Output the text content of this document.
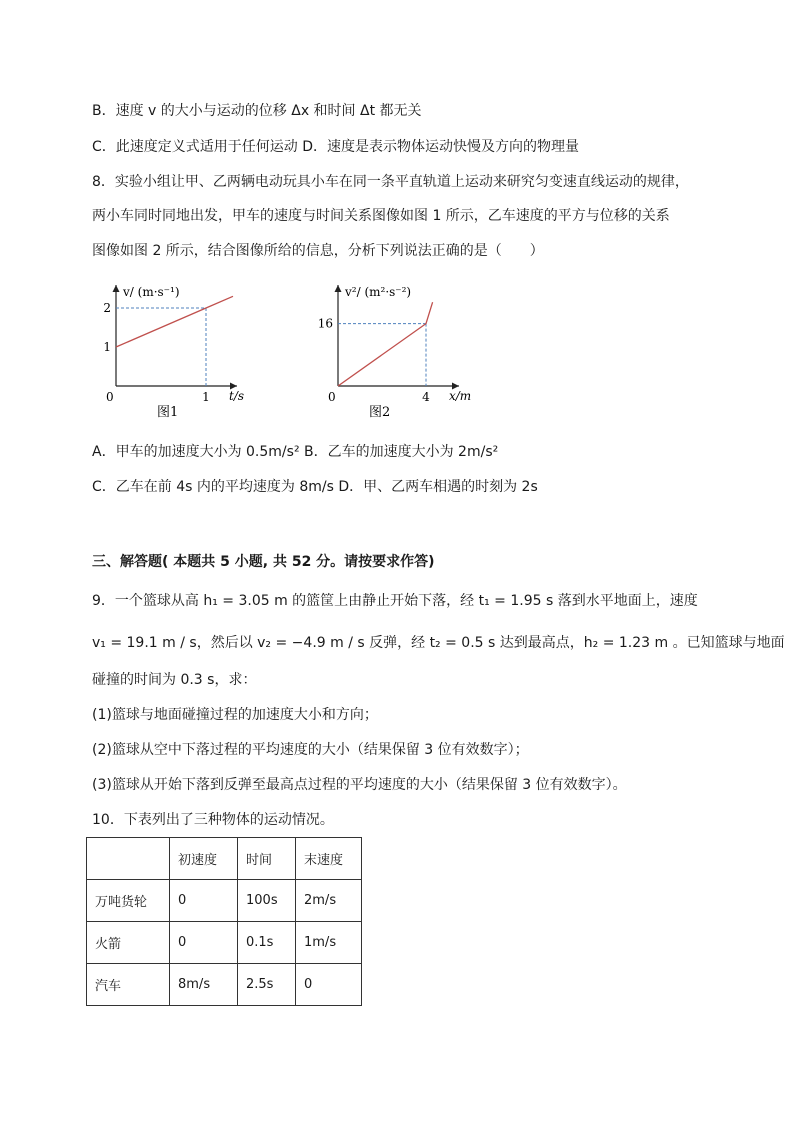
B．速度 v 的大小与运动的位移 Δx 和时间 Δt 都无关
C．此速度定义式适用于任何运动 D．速度是表示物体运动快慢及方向的物理量
8．实验小组让甲、乙两辆电动玩具小车在同一条平直轨道上运动来研究匀变速直线运动的规律，
两小车同时同地出发，甲车的速度与时间关系图像如图 1 所示，乙车速度的平方与位移的关系
图像如图 2 所示，结合图像所给的信息，分析下列说法正确的是（　　）
v/ (m·s⁻¹)
t/s
0	1
1
2
图1
v²/ (m²·s⁻²)
x/m
0	4
16
图2
A．甲车的加速度大小为 0.5m/s² B．乙车的加速度大小为 2m/s²
C．乙车在前 4s 内的平均速度为 8m/s D．甲、乙两车相遇的时刻为 2s
三、解答题( 本题共 5 小题, 共 52 分。请按要求作答)
9．一个篮球从高 h₁ = 3.05 m 的篮筐上由静止开始下落，经 t₁ = 1.95 s 落到水平地面上，速度
v₁ = 19.1 m / s，然后以 v₂ = −4.9 m / s 反弹，经 t₂ = 0.5 s 达到最高点，h₂ = 1.23 m 。已知篮球与地面
碰撞的时间为 0.3 s，求：
(1)篮球与地面碰撞过程的加速度大小和方向；
(2)篮球从空中下落过程的平均速度的大小（结果保留 3 位有效数字）；
(3)篮球从开始下落到反弹至最高点过程的平均速度的大小（结果保留 3 位有效数字）。
10．下表列出了三种物体的运动情况。
	初速度	时间	末速度
万吨货轮	0	100s	2m/s
火箭	0	0.1s	1m/s
汽车	8m/s	2.5s	0
